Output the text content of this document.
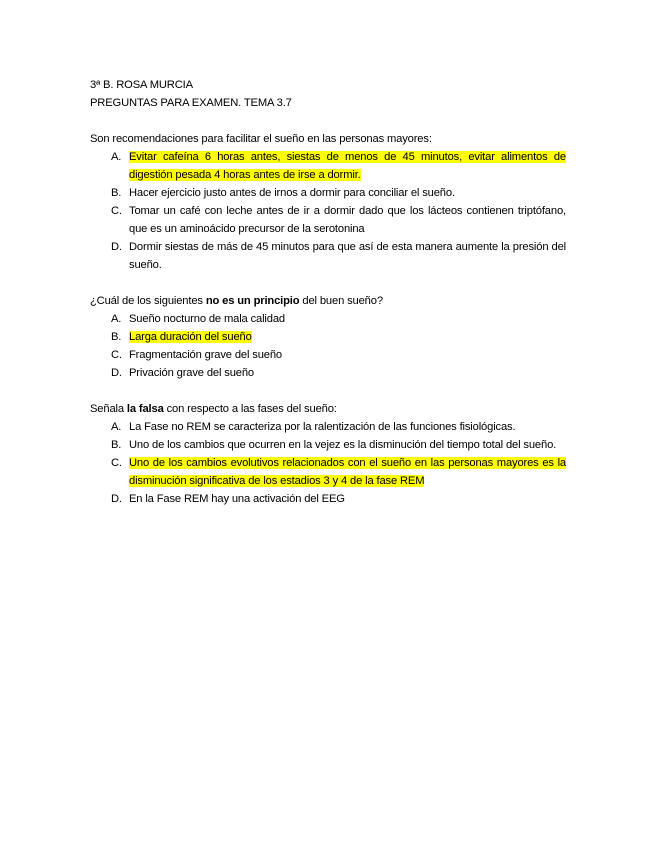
3ª B. ROSA MURCIA
PREGUNTAS PARA EXAMEN. TEMA 3.7
Son recomendaciones para facilitar el sueño en las personas mayores:
A. Evitar cafeína 6 horas antes, siestas de menos de 45 minutos, evitar alimentos de digestión pesada 4 horas antes de irse a dormir.
B. Hacer ejercicio justo antes de irnos a dormir para conciliar el sueño.
C. Tomar un café con leche antes de ir a dormir dado que los lácteos contienen triptófano, que es un aminoácido precursor de la serotonina
D. Dormir siestas de más de 45 minutos para que así de esta manera aumente la presión del sueño.
¿Cuál de los siguientes no es un principio del buen sueño?
A. Sueño nocturno de mala calidad
B. Larga duración del sueño
C. Fragmentación grave del sueño
D. Privación grave del sueño
Señala la falsa con respecto a las fases del sueño:
A. La Fase no REM se caracteriza por la ralentización de las funciones fisiológicas.
B. Uno de los cambios que ocurren en la vejez es la disminución del tiempo total del sueño.
C. Uno de los cambios evolutivos relacionados con el sueño en las personas mayores es la disminución significativa de los estadios 3 y 4 de la fase REM
D. En la Fase REM hay una activación del EEG
